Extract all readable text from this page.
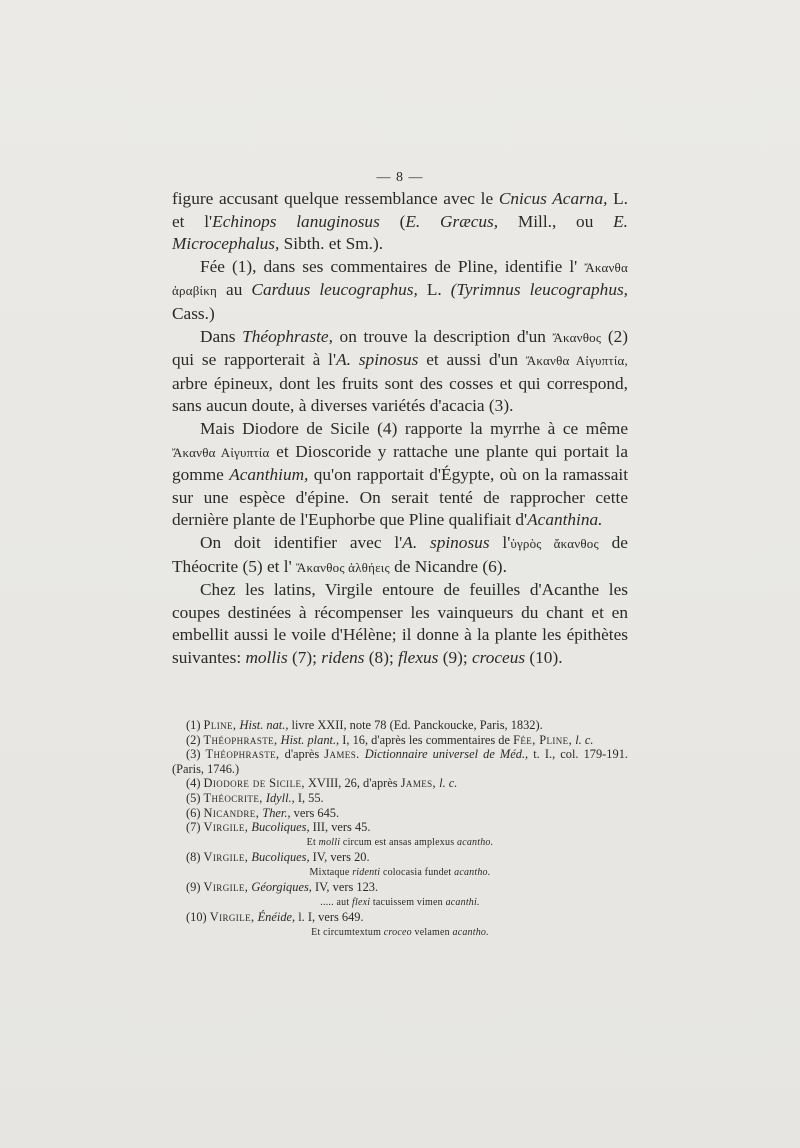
— 8 —

figure accusant quelque ressemblance avec le Cnicus Acarna, L. et l'Echinops lanuginosus (E. Græcus, Mill., ou E. Microcephalus, Sibth. et Sm.).

Fée (1), dans ses commentaires de Pline, identifie l' Ἄκανθα ἀραβίκη au Carduus leucographus, L. (Tyrimnus leucographus, Cass.)

Dans Théophraste, on trouve la description d'un Ἄκανθος (2) qui se rapporterait à l'A. spinosus et aussi d'un Ἄκανθα Αἰγυπτία, arbre épineux, dont les fruits sont des cosses et qui correspond, sans aucun doute, à diverses variétés d'acacia (3).

Mais Diodore de Sicile (4) rapporte la myrrhe à ce même Ἄκανθα Αἰγυπτία et Dioscoride y rattache une plante qui portait la gomme Acanthium, qu'on rapportait d'Égypte, où on la ramassait sur une espèce d'épine. On serait tenté de rapprocher cette dernière plante de l'Euphorbe que Pline qualifiait d'Acanthina.

On doit identifier avec l'A. spinosus l'ὑγρὸς ἄκανθος de Théocrite (5) et l' Ἄκανθος ἀλθήεις de Nicandre (6).

Chez les latins, Virgile entoure de feuilles d'Acanthe les coupes destinées à récompenser les vainqueurs du chant et en embellit aussi le voile d'Hélène; il donne à la plante les épithètes suivantes: mollis (7); ridens (8); flexus (9); croceus (10).

(1) Pline, Hist. nat., livre XXII, note 78 (Ed. Panckoucke, Paris, 1832).

(2) Théophraste, Hist. plant., I, 16, d'après les commentaires de Fée, Pline, l. c.

(3) Théophraste, d'après James. Dictionnaire universel de Méd., t. I., col. 179-191. (Paris, 1746.)

(4) Diodore de Sicile, XVIII, 26, d'après James, l. c.

(5) Théocrite, Idyll., I, 55.

(6) Nicandre, Ther., vers 645.

(7) Virgile, Bucoliques, III, vers 45.

Et molli circum est ansas amplexus acantho.

(8) Virgile, Bucoliques, IV, vers 20.

Mixtaque ridenti colocasia fundet acantho.

(9) Virgile, Géorgiques, IV, vers 123.

..... aut flexi tacuissem vimen acanthi.

(10) Virgile, Énéide, l. I, vers 649.

Et circumtextum croceo velamen acantho.
